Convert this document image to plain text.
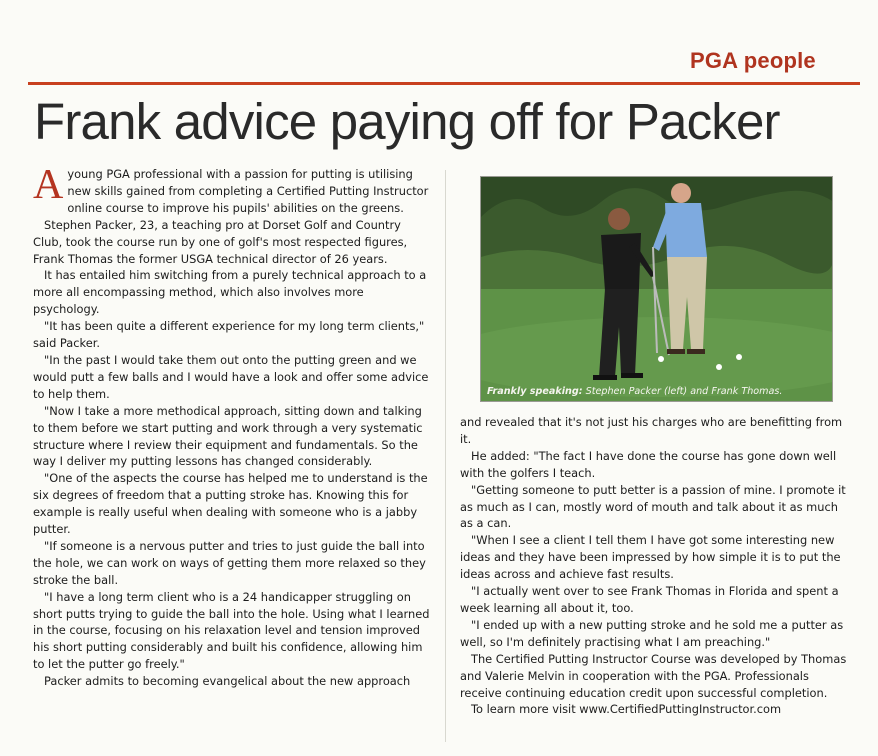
PGA people
Frank advice paying off for Packer

Ayoung PGA professional with a passion for putting is utilising new skills gained from completing a Certified Putting Instructor online course to improve his pupils' abilities on the greens.

Stephen Packer, 23, a teaching pro at Dorset Golf and Country Club, took the course run by one of golf's most respected figures, Frank Thomas the former USGA technical director of 26 years.

It has entailed him switching from a purely technical approach to a more all encompassing method, which also involves more psychology.

"It has been quite a different experience for my long term clients," said Packer.

"In the past I would take them out onto the putting green and we would putt a few balls and I would have a look and offer some advice to help them.

"Now I take a more methodical approach, sitting down and talking to them before we start putting and work through a very systematic structure where I review their equipment and fundamentals. So the way I deliver my putting lessons has changed considerably.

"One of the aspects the course has helped me to understand is the six degrees of freedom that a putting stroke has. Knowing this for example is really useful when dealing with someone who is a jabby putter.

"If someone is a nervous putter and tries to just guide the ball into the hole, we can work on ways of getting them more relaxed so they stroke the ball.

"I have a long term client who is a 24 handicapper struggling on short putts trying to guide the ball into the hole. Using what I learned in the course, focusing on his relaxation level and tension improved his short putting considerably and built his confidence, allowing him to let the putter go freely."

Packer admits to becoming evangelical about the new approach

Frankly speaking: Stephen Packer (left) and Frank Thomas.

and revealed that it's not just his charges who are benefitting from it.

He added: "The fact I have done the course has gone down well with the golfers I teach.

"Getting someone to putt better is a passion of mine. I promote it as much as I can, mostly word of mouth and talk about it as much as a can.

"When I see a client I tell them I have got some interesting new ideas and they have been impressed by how simple it is to put the ideas across and achieve fast results.

"I actually went over to see Frank Thomas in Florida and spent a week learning all about it, too.

"I ended up with a new putting stroke and he sold me a putter as well, so I'm definitely practising what I am preaching."

The Certified Putting Instructor Course was developed by Thomas and Valerie Melvin in cooperation with the PGA. Professionals receive continuing education credit upon successful completion.

To learn more visit www.CertifiedPuttingInstructor.com
